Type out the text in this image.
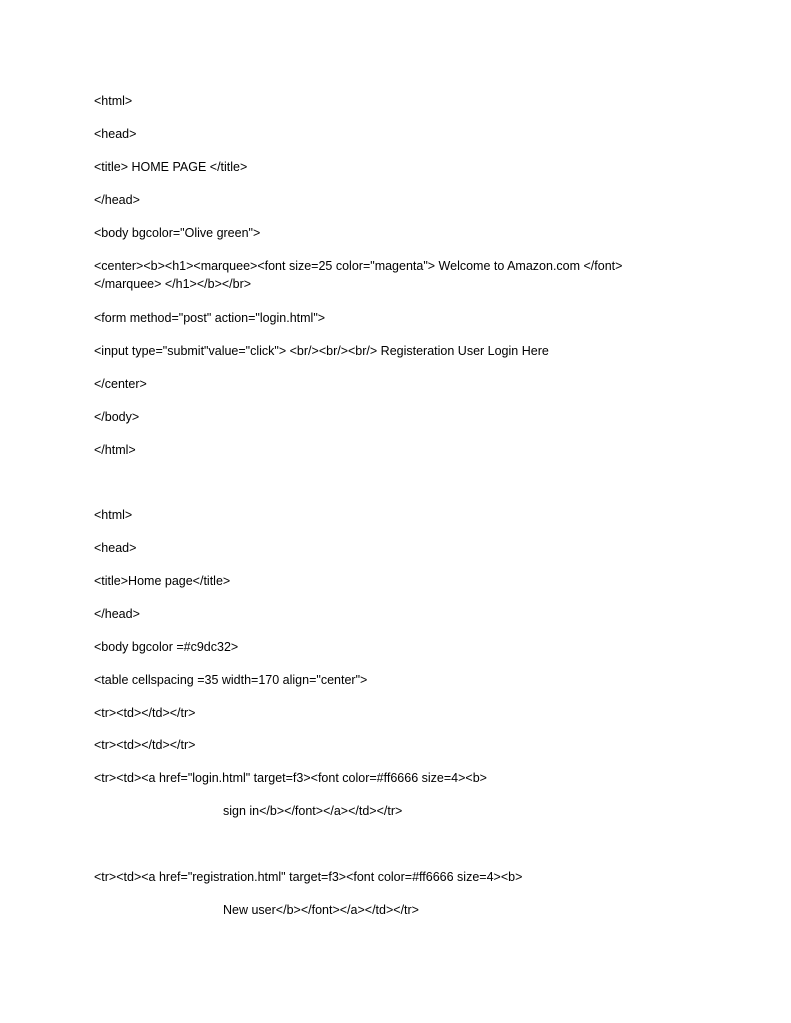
<html>
<head>
<title> HOME PAGE </title>
</head>
<body bgcolor="Olive green">
<center><b><h1><marquee><font size=25 color="magenta"> Welcome to Amazon.com </font>
</marquee> </h1></b></br>
<form method="post" action="login.html">
<input type="submit"value="click"> <br/><br/><br/> Registeration User Login Here
</center>
</body>
</html>
<html>
<head>
<title>Home page</title>
</head>
<body bgcolor =#c9dc32>
<table cellspacing =35 width=170 align="center">
<tr><td></td></tr>
<tr><td></td></tr>
<tr><td><a href="login.html" target=f3><font color=#ff6666 size=4><b>
sign in</b></font></a></td></tr>
<tr><td><a href="registration.html" target=f3><font color=#ff6666 size=4><b>
New user</b></font></a></td></tr>
